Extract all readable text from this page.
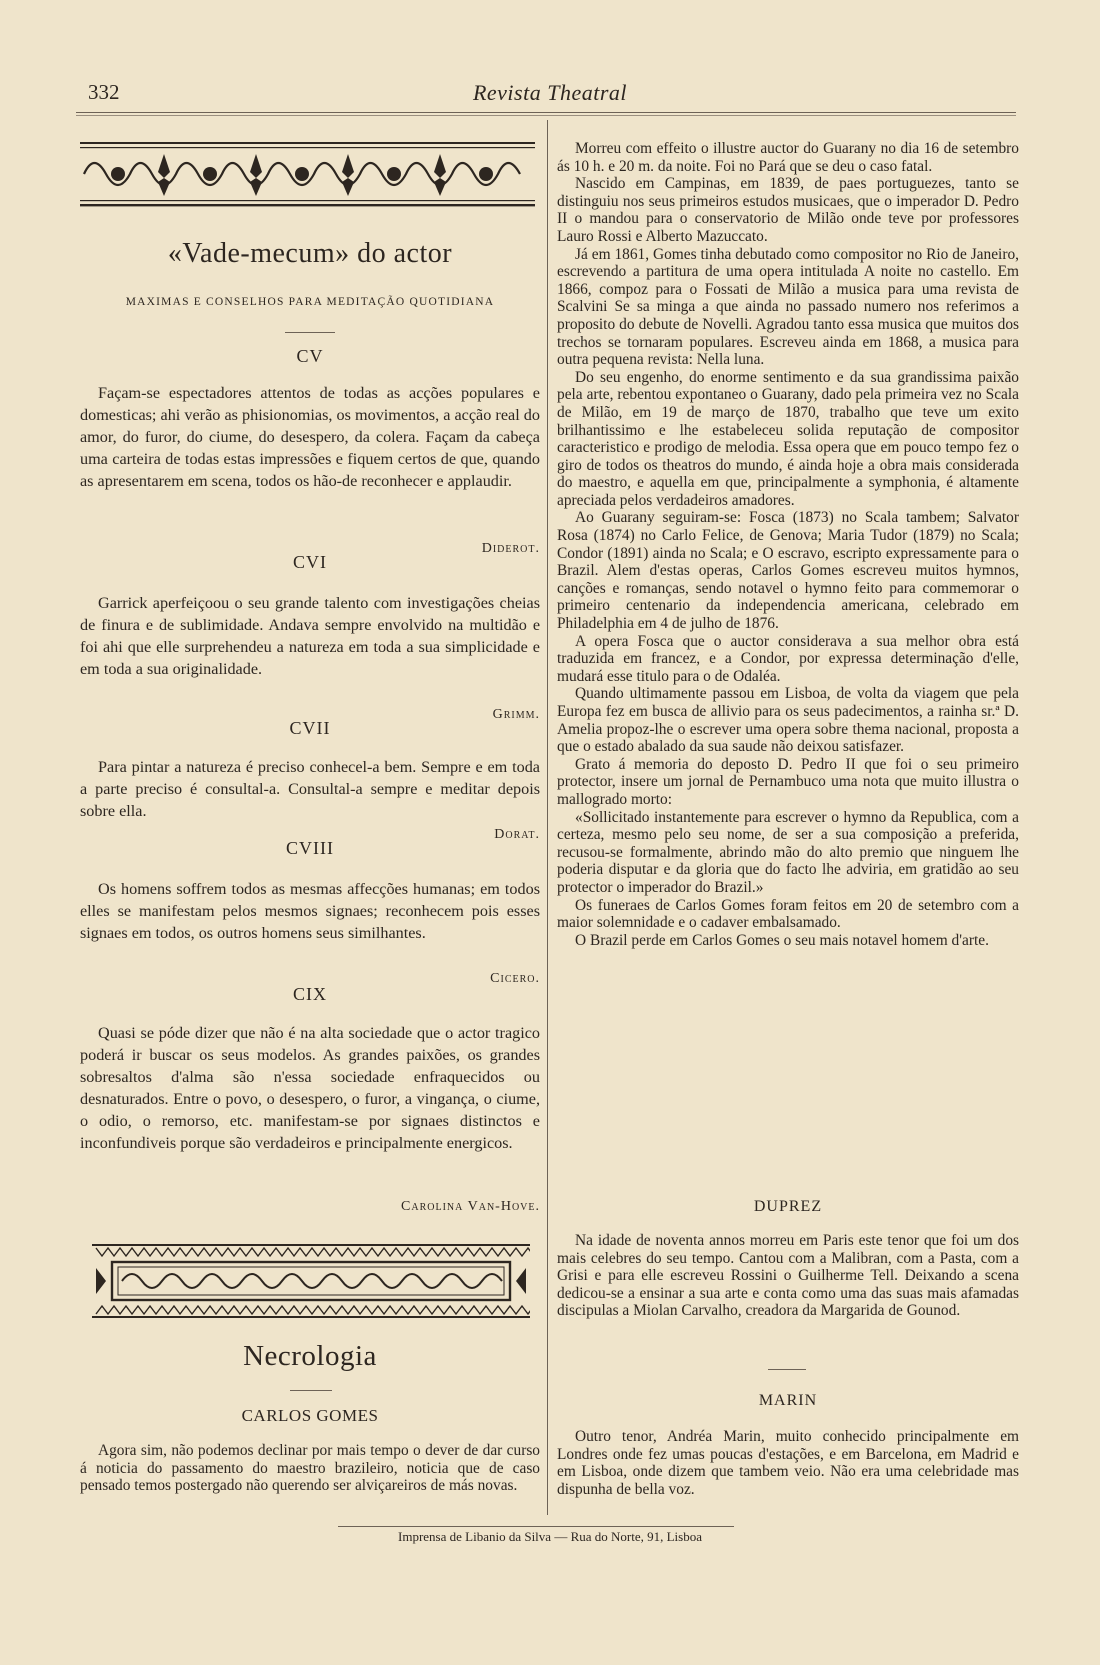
332	Revista Theatral
«Vade-mecum» do actor
MAXIMAS E CONSELHOS PARA MEDITAÇÃO QUOTIDIANA
CV

Façam-se espectadores attentos de todas as acções populares e domesticas; ahi verão as phisionomias, os movimentos, a acção real do amor, do furor, do ciume, do desespero, da colera. Façam da cabeça uma carteira de todas estas impressões e fiquem certos de que, quando as apresentarem em scena, todos os hão-de reconhecer e applaudir.

Diderot.
CVI

Garrick aperfeiçoou o seu grande talento com investigações cheias de finura e de sublimidade. Andava sempre envolvido na multidão e foi ahi que elle surprehendeu a natureza em toda a sua simplicidade e em toda a sua originalidade.

Grimm.
CVII

Para pintar a natureza é preciso conhecel-a bem. Sempre e em toda a parte preciso é consultal-a. Consultal-a sempre e meditar depois sobre ella.

Dorat.
CVIII

Os homens soffrem todos as mesmas affecções humanas; em todos elles se manifestam pelos mesmos signaes; reconhecem pois esses signaes em todos, os outros homens seus similhantes.

Cicero.
CIX

Quasi se póde dizer que não é na alta sociedade que o actor tragico poderá ir buscar os seus modelos. As grandes paixões, os grandes sobresaltos d'alma são n'essa sociedade enfraquecidos ou desnaturados. Entre o povo, o desespero, o furor, a vingança, o ciume, o odio, o remorso, etc. manifestam-se por signaes distinctos e inconfundiveis porque são verdadeiros e principalmente energicos.

Carolina Van-Hove.
Necrologia
CARLOS GOMES

Agora sim, não podemos declinar por mais tempo o dever de dar curso á noticia do passamento do maestro brazileiro, noticia que de caso pensado temos postergado não querendo ser alviçareiros de más novas.

Morreu com effeito o illustre auctor do Guarany no dia 16 de setembro ás 10 h. e 20 m. da noite. Foi no Pará que se deu o caso fatal.

Nascido em Campinas, em 1839, de paes portuguezes, tanto se distinguiu nos seus primeiros estudos musicaes, que o imperador D. Pedro II o mandou para o conservatorio de Milão onde teve por professores Lauro Rossi e Alberto Mazuccato.

Já em 1861, Gomes tinha debutado como compositor no Rio de Janeiro, escrevendo a partitura de uma opera intitulada A noite no castello. Em 1866, compoz para o Fossati de Milão a musica para uma revista de Scalvini Se sa minga a que ainda no passado numero nos referimos a proposito do debute de Novelli. Agradou tanto essa musica que muitos dos trechos se tornaram populares. Escreveu ainda em 1868, a musica para outra pequena revista: Nella luna.

Do seu engenho, do enorme sentimento e da sua grandissima paixão pela arte, rebentou expontaneo o Guarany, dado pela primeira vez no Scala de Milão, em 19 de março de 1870, trabalho que teve um exito brilhantissimo e lhe estabeleceu solida reputação de compositor caracteristico e prodigo de melodia. Essa opera que em pouco tempo fez o giro de todos os theatros do mundo, é ainda hoje a obra mais considerada do maestro, e aquella em que, principalmente a symphonia, é altamente apreciada pelos verdadeiros amadores.

Ao Guarany seguiram-se: Fosca (1873) no Scala tambem; Salvator Rosa (1874) no Carlo Felice, de Genova; Maria Tudor (1879) no Scala; Condor (1891) ainda no Scala; e O escravo, escripto expressamente para o Brazil. Alem d'estas operas, Carlos Gomes escreveu muitos hymnos, canções e romanças, sendo notavel o hymno feito para commemorar o primeiro centenario da independencia americana, celebrado em Philadelphia em 4 de julho de 1876.

A opera Fosca que o auctor considerava a sua melhor obra está traduzida em francez, e a Condor, por expressa determinação d'elle, mudará esse titulo para o de Odaléa.

Quando ultimamente passou em Lisboa, de volta da viagem que pela Europa fez em busca de allivio para os seus padecimentos, a rainha sr.ª D. Amelia propoz-lhe o escrever uma opera sobre thema nacional, proposta a que o estado abalado da sua saude não deixou satisfazer.

Grato á memoria do deposto D. Pedro II que foi o seu primeiro protector, insere um jornal de Pernambuco uma nota que muito illustra o mallogrado morto:

«Sollicitado instantemente para escrever o hymno da Republica, com a certeza, mesmo pelo seu nome, de ser a sua composição a preferida, recusou-se formalmente, abrindo mão do alto premio que ninguem lhe poderia disputar e da gloria que do facto lhe adviria, em gratidão ao seu protector o imperador do Brazil.»

Os funeraes de Carlos Gomes foram feitos em 20 de setembro com a maior solemnidade e o cadaver embalsamado.

O Brazil perde em Carlos Gomes o seu mais notavel homem d'arte.

DUPREZ

Na idade de noventa annos morreu em Paris este tenor que foi um dos mais celebres do seu tempo. Cantou com a Malibran, com a Pasta, com a Grisi e para elle escreveu Rossini o Guilherme Tell. Deixando a scena dedicou-se a ensinar a sua arte e conta como uma das suas mais afamadas discipulas a Miolan Carvalho, creadora da Margarida de Gounod.

MARIN

Outro tenor, Andréa Marin, muito conhecido principalmente em Londres onde fez umas poucas d'estações, e em Barcelona, em Madrid e em Lisboa, onde dizem que tambem veio. Não era uma celebridade mas dispunha de bella voz.

Imprensa de Libanio da Silva — Rua do Norte, 91, Lisboa
